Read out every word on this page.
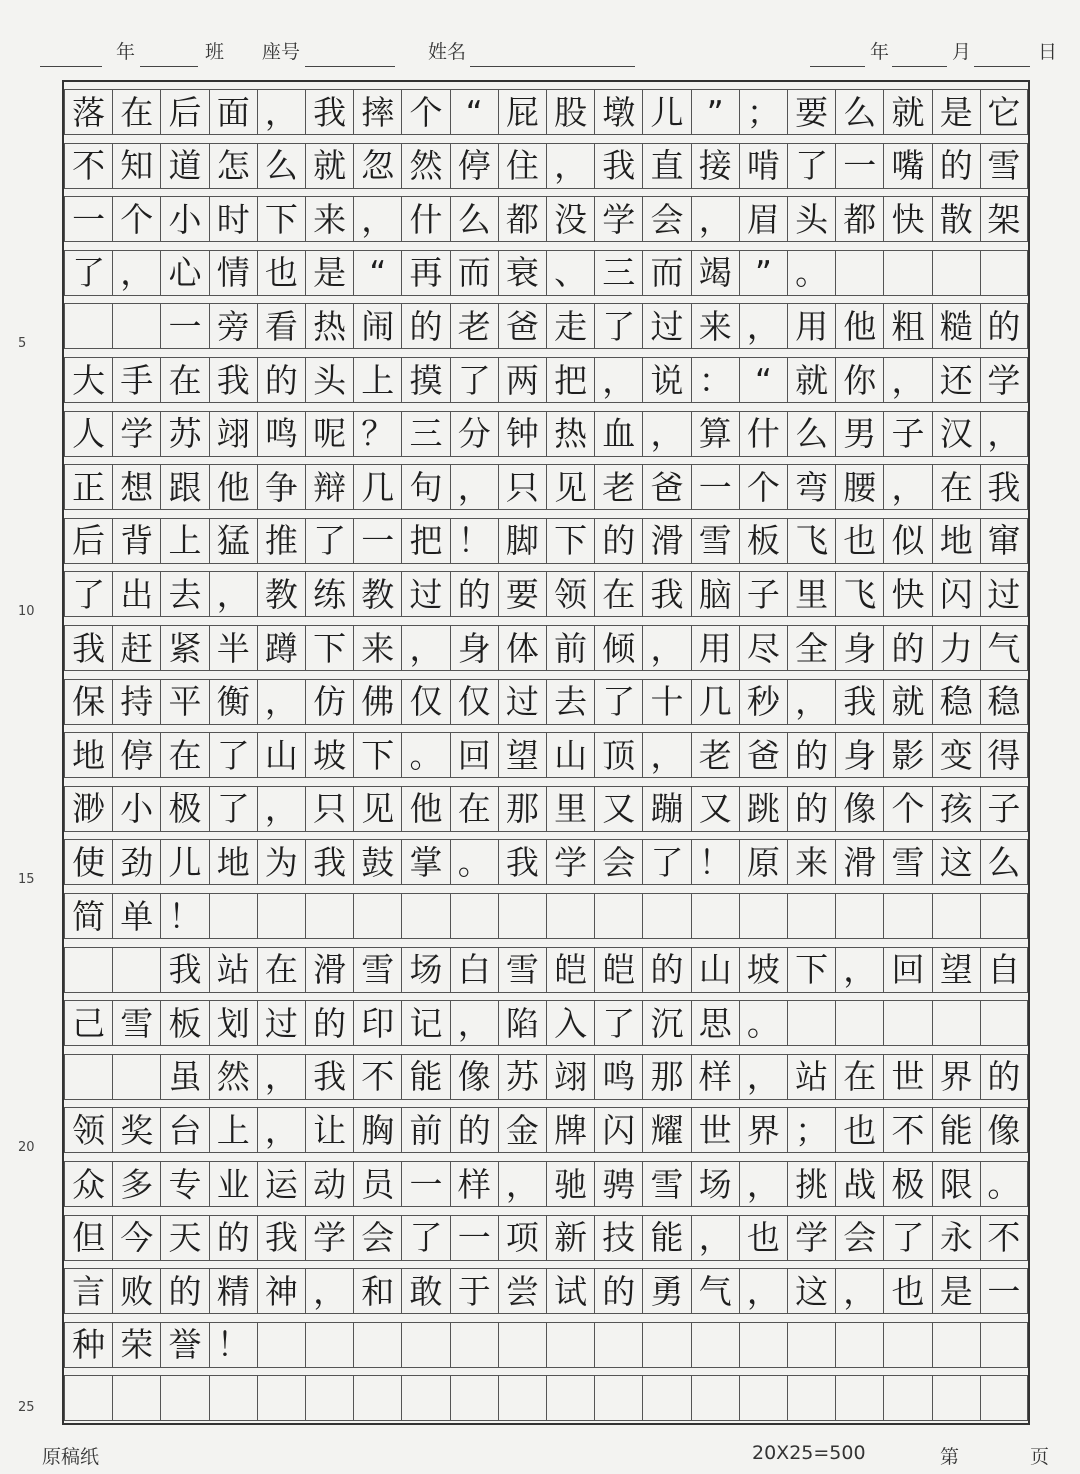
年	班 座号	姓名	年	月	日
5
10
15
20
25
落 在 后 面 ， 我 摔 个 “ 屁 股 墩 儿 ” ； 要 么 就 是 它
不 知 道 怎 么 就 忽 然 停 住 ， 我 直 接 啃 了 一 嘴 的 雪
一 个 小 时 下 来 ， 什 么 都 没 学 会 ， 眉 头 都 快 散 架
了 ， 心 情 也 是 “ 再 而 衰 、 三 而 竭 ” 。

一 旁 看 热 闹 的 老 爸 走 了 过 来 ， 用 他 粗 糙 的
大 手 在 我 的 头 上 摸 了 两 把 ， 说 ： “ 就 你 ， 还 学
人 学 苏 翊 鸣 呢 ？ 三 分 钟 热 血 ， 算 什 么 男 子 汉 ，
正 想 跟 他 争 辩 几 句 ， 只 见 老 爸 一 个 弯 腰 ， 在 我
后 背 上 猛 推 了 一 把 ！ 脚 下 的 滑 雪 板 飞 也 似 地 窜
了 出 去 ， 教 练 教 过 的 要 领 在 我 脑 子 里 飞 快 闪 过
我 赶 紧 半 蹲 下 来 ， 身 体 前 倾 ， 用 尽 全 身 的 力 气
保 持 平 衡 ， 仿 佛 仅 仅 过 去 了 十 几 秒 ， 我 就 稳 稳
地 停 在 了 山 坡 下 。 回 望 山 顶 ， 老 爸 的 身 影 变 得
渺 小 极 了 ， 只 见 他 在 那 里 又 蹦 又 跳 的 像 个 孩 子
使 劲 儿 地 为 我 鼓 掌 。 我 学 会 了 ！ 原 来 滑 雪 这 么
简 单 ！

我 站 在 滑 雪 场 白 雪 皑 皑 的 山 坡 下 ， 回 望 自
己 雪 板 划 过 的 印 记 ， 陷 入 了 沉 思 。

虽 然 ， 我 不 能 像 苏 翊 鸣 那 样 ， 站 在 世 界 的
领 奖 台 上 ， 让 胸 前 的 金 牌 闪 耀 世 界 ； 也 不 能 像
众 多 专 业 运 动 员 一 样 ， 驰 骋 雪 场 ， 挑 战 极 限 。
但 今 天 的 我 学 会 了 一 项 新 技 能 ， 也 学 会 了 永 不
言 败 的 精 神 ， 和 敢 于 尝 试 的 勇 气 ， 这 ， 也 是 一
种 荣 誉 ！
原稿纸	20X25=500	第	页
